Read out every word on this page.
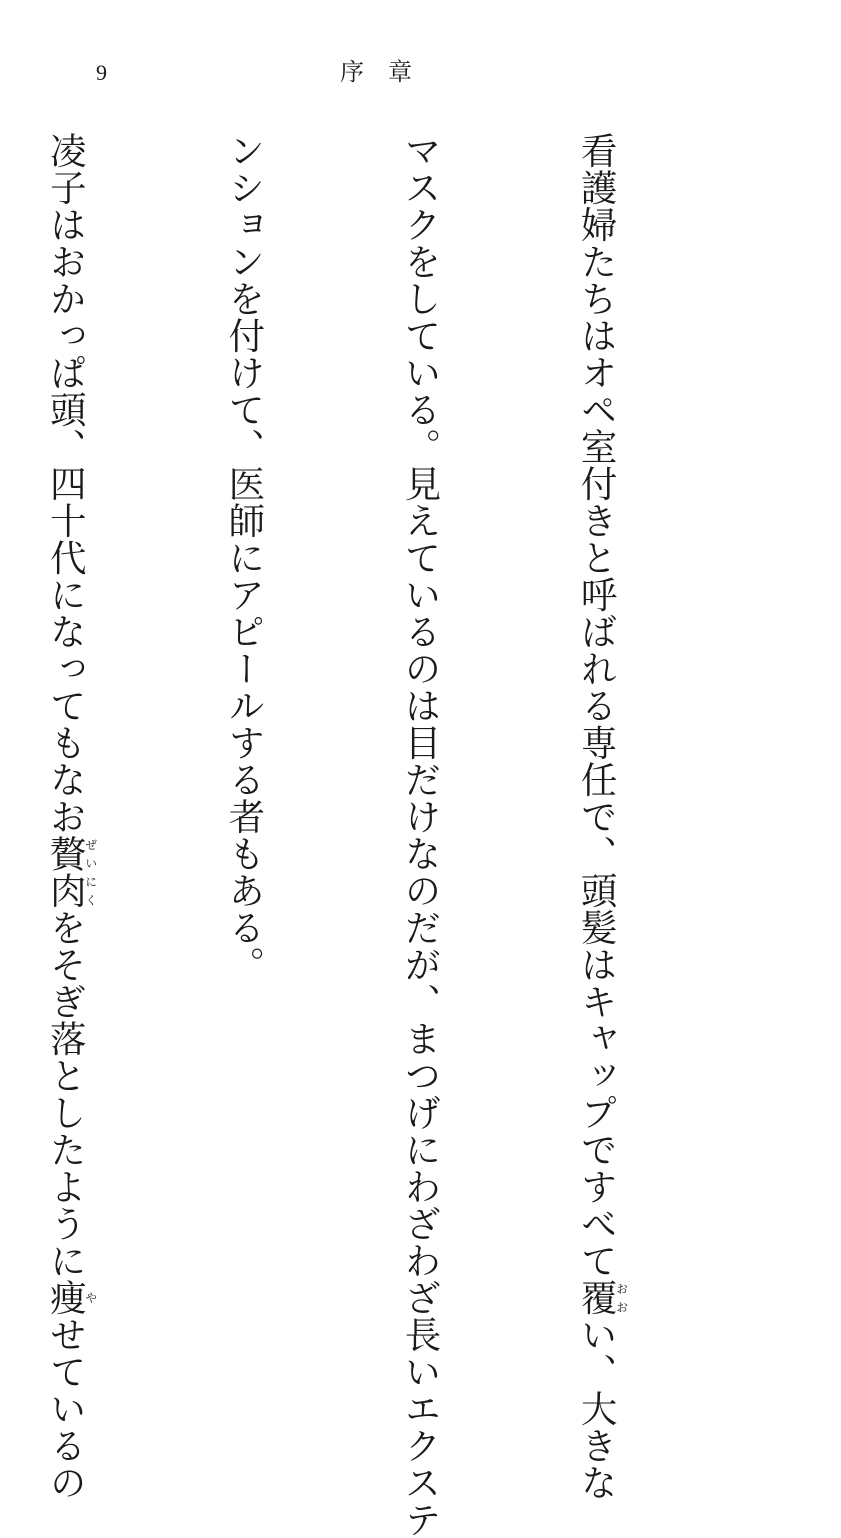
9	序　章

看護婦たちはオペ室付きと呼ばれる専任で、頭髪はキャップですべて覆おおい、大きな

マスクをしている。見えているのは目だけなのだが、まつげにわざわざ長いエクステ

ンションを付けて、医師にアピールする者もある。

凌子はおかっぱ頭、四十代になってもなお贅肉ぜいにくをそぎ落としたように痩やせているの
